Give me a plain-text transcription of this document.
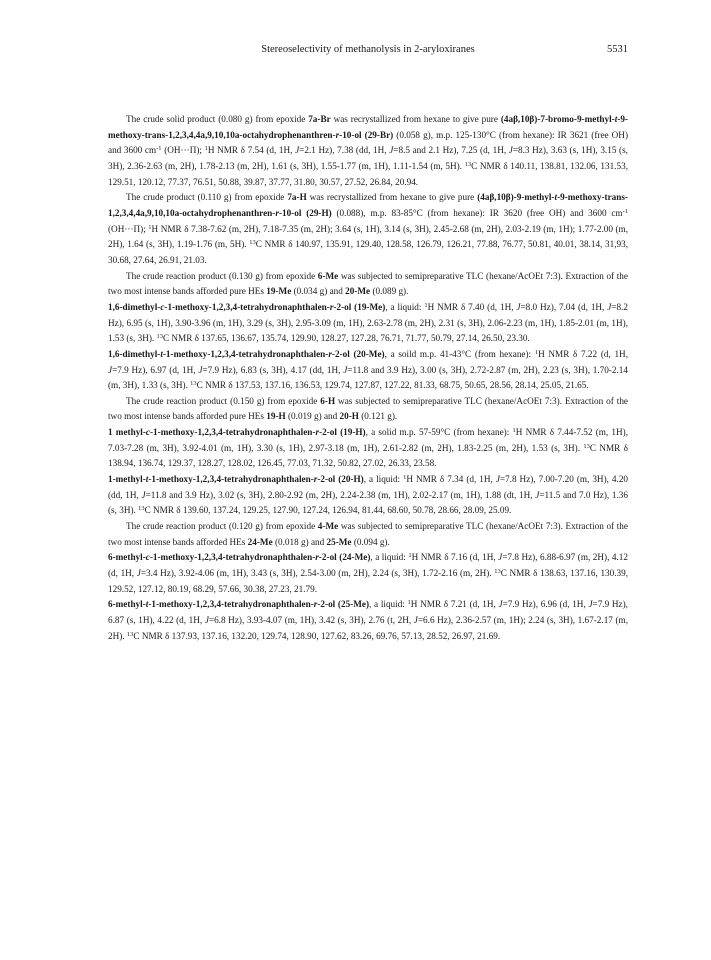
Stereoselectivity of methanolysis in 2-aryloxiranes	5531

The crude solid product (0.080 g) from epoxide 7a-Br was recrystallized from hexane to give pure (4aβ,10β)-7-bromo-9-methyl-t-9-methoxy-trans-1,2,3,4,4a,9,10,10a-octahydrophenanthren-r-10-ol (29-Br) (0.058 g), m.p. 125-130°C (from hexane): IR 3621 (free OH) and 3600 $cm^{-1}$ (OH···Π); $^1$H NMR δ 7.54 (d, 1H, J=2.1 Hz), 7.38 (dd, 1H, J=8.5 and 2.1 Hz), 7.25 (d, 1H, J=8.3 Hz), 3.63 (s, 1H), 3.15 (s, 3H), 2.36-2.63 (m, 2H), 1.78-2.13 (m, 2H), 1.61 (s, 3H), 1.55-1.77 (m, 1H), 1.11-1.54 (m, 5H). $^{13}$C NMR δ 140.11, 138.81, 132.06, 131.53, 129.51, 120.12, 77.37, 76.51, 50.88, 39.87, 37.77, 31.80, 30.57, 27.52, 26.84, 20.94.

The crude product (0.110 g) from epoxide 7a-H was recrystallized from hexane to give pure (4aβ,10β)-9-methyl-t-9-methoxy-trans-1,2,3,4,4a,9,10,10a-octahydrophenanthren-r-10-ol (29-H) (0.088), m.p. 83-85°C (from hexane): IR 3620 (free OH) and 3600 $cm^{-1}$ (OH···Π); $^1$H NMR δ 7.38-7.62 (m, 2H), 7.18-7.35 (m, 2H); 3.64 (s, 1H), 3.14 (s, 3H), 2.45-2.68 (m, 2H), 2.03-2.19 (m, 1H); 1.77-2.00 (m, 2H), 1.64 (s, 3H), 1.19-1.76 (m, 5H). $^{13}$C NMR δ 140.97, 135.91, 129.40, 128.58, 126.79, 126.21, 77.88, 76.77, 50.81, 40.01, 38.14, 31,93, 30.68, 27.64, 26.91, 21.03.

The crude reaction product (0.130 g) from epoxide 6-Me was subjected to semipreparative TLC (hexane/AcOEt 7:3). Extraction of the two most intense bands afforded pure HEs 19-Me (0.034 g) and 20-Me (0.089 g).

1,6-dimethyl-c-1-methoxy-1,2,3,4-tetrahydronaphthalen-r-2-ol (19-Me), a liquid: $^1$H NMR δ 7.40 (d, 1H, J=8.0 Hz), 7.04 (d, 1H, J=8.2 Hz), 6.95 (s, 1H), 3.90-3.96 (m, 1H), 3.29 (s, 3H), 2.95-3.09 (m, 1H), 2.63-2.78 (m, 2H), 2.31 (s, 3H), 2.06-2.23 (m, 1H), 1.85-2.01 (m, 1H), 1.53 (s, 3H). $^{13}$C NMR δ 137.65, 136.67, 135.74, 129.90, 128.27, 127.28, 76.71, 71.77, 50.79, 27.14, 26.50, 23.30.

1,6-dimethyl-t-1-methoxy-1,2,3,4-tetrahydronaphthalen-r-2-ol (20-Me), a soild m.p. 41-43°C (from hexane): $^1$H NMR δ 7.22 (d, 1H, J=7.9 Hz), 6.97 (d, 1H, J=7.9 Hz), 6.83 (s, 3H), 4.17 (dd, 1H, J=11.8 and 3.9 Hz), 3.00 (s, 3H), 2.72-2.87 (m, 2H), 2.23 (s, 3H), 1.70-2.14 (m, 3H), 1.33 (s, 3H). $^{13}$C NMR δ 137.53, 137.16, 136.53, 129.74, 127.87, 127.22, 81.33, 68.75, 50.65, 28.56, 28.14, 25.05, 21.65.

The crude reaction product (0.150 g) from epoxide 6-H was subjected to semipreparative TLC (hexane/AcOEt 7:3). Extraction of the two most intense bands afforded pure HEs 19-H (0.019 g) and 20-H (0.121 g).

1 methyl-c-1-methoxy-1,2,3,4-tetrahydronaphthalen-r-2-ol (19-H), a solid m.p. 57-59°C (from hexane): $^1$H NMR δ 7.44-7.52 (m, 1H), 7.03-7.28 (m, 3H), 3.92-4.01 (m, 1H), 3.30 (s, 1H), 2.97-3.18 (m, 1H), 2.61-2.82 (m, 2H), 1.83-2.25 (m, 2H), 1.53 (s, 3H). $^{13}$C NMR δ 138.94, 136.74, 129.37, 128.27, 128.02, 126.45, 77.03, 71.32, 50.82, 27.02, 26.33, 23.58.

1-methyl-t-1-methoxy-1,2,3,4-tetrahydronaphthalen-r-2-ol (20-H), a liquid: $^1$H NMR δ 7.34 (d, 1H, J=7.8 Hz), 7.00-7.20 (m, 3H), 4.20 (dd, 1H, J=11.8 and 3.9 Hz), 3.02 (s, 3H), 2.80-2.92 (m, 2H), 2.24-2.38 (m, 1H), 2.02-2.17 (m, 1H), 1.88 (dt, 1H, J=11.5 and 7.0 Hz), 1.36 (s, 3H). $^{13}$C NMR δ 139.60, 137.24, 129.25, 127.90, 127.24, 126.94, 81.44, 68.60, 50.78, 28.66, 28.09, 25.09.

The crude reaction product (0.120 g) from epoxide 4-Me was subjected to semipreparative TLC (hexane/AcOEt 7:3). Extraction of the two most intense bands afforded HEs 24-Me (0.018 g) and 25-Me (0.094 g).

6-methyl-c-1-methoxy-1,2,3,4-tetrahydronaphthalen-r-2-ol (24-Me), a liquid: $^1$H NMR δ 7.16 (d, 1H, J=7.8 Hz), 6.88-6.97 (m, 2H), 4.12 (d, 1H, J=3.4 Hz), 3.92-4.06 (m, 1H), 3.43 (s, 3H), 2.54-3.00 (m, 2H), 2.24 (s, 3H), 1.72-2.16 (m, 2H). $^{13}$C NMR δ 138.63, 137.16, 130.39, 129.52, 127.12, 80.19, 68.29, 57.66, 30.38, 27.23, 21.79.

6-methyl-t-1-methoxy-1,2,3,4-tetrahydronaphthalen-r-2-ol (25-Me), a liquid: $^1$H NMR δ 7.21 (d, 1H, J=7.9 Hz), 6.96 (d, 1H, J=7.9 Hz), 6.87 (s, 1H), 4.22 (d, 1H, J=6.8 Hz), 3.93-4.07 (m, 1H), 3.42 (s, 3H), 2.76 (t, 2H, J=6.6 Hz), 2.36-2.57 (m, 1H); 2.24 (s, 3H), 1.67-2.17 (m, 2H). $^{13}$C NMR δ 137.93, 137.16, 132.20, 129.74, 128.90, 127.62, 83.26, 69.76, 57.13, 28.52, 26.97, 21.69.
